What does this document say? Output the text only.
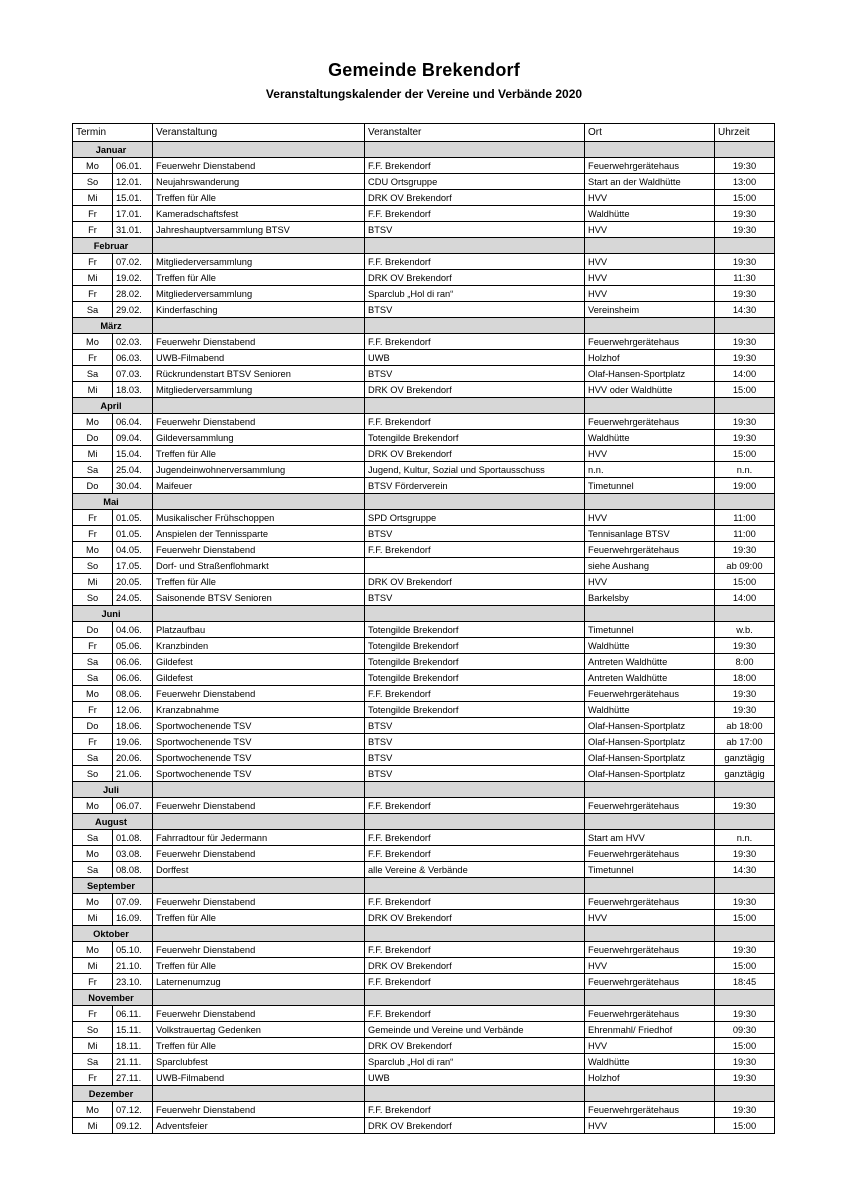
Gemeinde Brekendorf
Veranstaltungskalender der Vereine und Verbände 2020
Termin		Veranstaltung	Veranstalter	Ort	Uhrzeit
Januar					
Mo	06.01.	Feuerwehr Dienstabend	F.F. Brekendorf	Feuerwehrgerätehaus	19:30
So	12.01.	Neujahrswanderung	CDU Ortsgruppe	Start an der Waldhütte	13:00
Mi	15.01.	Treffen für Alle	DRK OV Brekendorf	HVV	15:00
Fr	17.01.	Kameradschaftsfest	F.F. Brekendorf	Waldhütte	19:30
Fr	31.01.	Jahreshauptversammlung BTSV	BTSV	HVV	19:30
Februar					
Fr	07.02.	Mitgliederversammlung	F.F. Brekendorf	HVV	19:30
Mi	19.02.	Treffen für Alle	DRK OV Brekendorf	HVV	11:30
Fr	28.02.	Mitgliederversammlung	Sparclub „Hol di ran“	HVV	19:30
Sa	29.02.	Kinderfasching	BTSV	Vereinsheim	14:30
März					
Mo	02.03.	Feuerwehr Dienstabend	F.F. Brekendorf	Feuerwehrgerätehaus	19:30
Fr	06.03.	UWB-Filmabend	UWB	Holzhof	19:30
Sa	07.03.	Rückrundenstart BTSV Senioren	BTSV	Olaf-Hansen-Sportplatz	14:00
Mi	18.03.	Mitgliederversammlung	DRK OV Brekendorf	HVV oder Waldhütte	15:00
April					
Mo	06.04.	Feuerwehr Dienstabend	F.F. Brekendorf	Feuerwehrgerätehaus	19:30
Do	09.04.	Gildeversammlung	Totengilde Brekendorf	Waldhütte	19:30
Mi	15.04.	Treffen für Alle	DRK OV Brekendorf	HVV	15:00
Sa	25.04.	Jugendeinwohnerversammlung	Jugend, Kultur, Sozial und Sportausschuss	n.n.	n.n.
Do	30.04.	Maifeuer	BTSV Förderverein	Timetunnel	19:00
Mai					
Fr	01.05.	Musikalischer Frühschoppen	SPD Ortsgruppe	HVV	11:00
Fr	01.05.	Anspielen der Tennissparte	BTSV	Tennisanlage BTSV	11:00
Mo	04.05.	Feuerwehr Dienstabend	F.F. Brekendorf	Feuerwehrgerätehaus	19:30
So	17.05.	Dorf- und Straßenflohmarkt		siehe Aushang	ab 09:00
Mi	20.05.	Treffen für Alle	DRK OV Brekendorf	HVV	15:00
So	24.05.	Saisonende BTSV Senioren	BTSV	Barkelsby	14:00
Juni					
Do	04.06.	Platzaufbau	Totengilde Brekendorf	Timetunnel	w.b.
Fr	05.06.	Kranzbinden	Totengilde Brekendorf	Waldhütte	19:30
Sa	06.06.	Gildefest	Totengilde Brekendorf	Antreten Waldhütte	8:00
Sa	06.06.	Gildefest	Totengilde Brekendorf	Antreten Waldhütte	18:00
Mo	08.06.	Feuerwehr Dienstabend	F.F. Brekendorf	Feuerwehrgerätehaus	19:30
Fr	12.06.	Kranzabnahme	Totengilde Brekendorf	Waldhütte	19:30
Do	18.06.	Sportwochenende TSV	BTSV	Olaf-Hansen-Sportplatz	ab 18:00
Fr	19.06.	Sportwochenende TSV	BTSV	Olaf-Hansen-Sportplatz	ab 17:00
Sa	20.06.	Sportwochenende TSV	BTSV	Olaf-Hansen-Sportplatz	ganztägig
So	21.06.	Sportwochenende TSV	BTSV	Olaf-Hansen-Sportplatz	ganztägig
Juli					
Mo	06.07.	Feuerwehr Dienstabend	F.F. Brekendorf	Feuerwehrgerätehaus	19:30
August					
Sa	01.08.	Fahrradtour für Jedermann	F.F. Brekendorf	Start am HVV	n.n.
Mo	03.08.	Feuerwehr Dienstabend	F.F. Brekendorf	Feuerwehrgerätehaus	19:30
Sa	08.08.	Dorffest	alle Vereine & Verbände	Timetunnel	14:30
September					
Mo	07.09.	Feuerwehr Dienstabend	F.F. Brekendorf	Feuerwehrgerätehaus	19:30
Mi	16.09.	Treffen für Alle	DRK OV Brekendorf	HVV	15:00
Oktober					
Mo	05.10.	Feuerwehr Dienstabend	F.F. Brekendorf	Feuerwehrgerätehaus	19:30
Mi	21.10.	Treffen für Alle	DRK OV Brekendorf	HVV	15:00
Fr	23.10.	Laternenumzug	F.F. Brekendorf	Feuerwehrgerätehaus	18:45
November					
Fr	06.11.	Feuerwehr Dienstabend	F.F. Brekendorf	Feuerwehrgerätehaus	19:30
So	15.11.	Volkstrauertag Gedenken	Gemeinde und Vereine und Verbände	Ehrenmahl/ Friedhof	09:30
Mi	18.11.	Treffen für Alle	DRK OV Brekendorf	HVV	15:00
Sa	21.11.	Sparclubfest	Sparclub „Hol di ran“	Waldhütte	19:30
Fr	27.11.	UWB-Filmabend	UWB	Holzhof	19:30
Dezember					
Mo	07.12.	Feuerwehr Dienstabend	F.F. Brekendorf	Feuerwehrgerätehaus	19:30
Mi	09.12.	Adventsfeier	DRK OV Brekendorf	HVV	15:00
